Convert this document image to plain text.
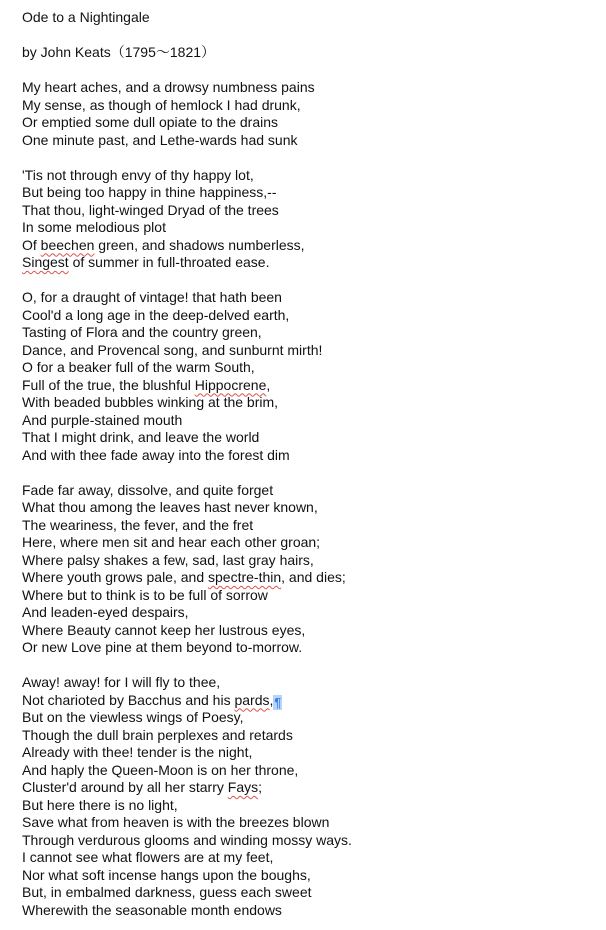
Ode to a Nightingale
by John Keats（1795～1821）
My heart aches, and a drowsy numbness pains
My sense, as though of hemlock I had drunk,
Or emptied some dull opiate to the drains
One minute past, and Lethe-wards had sunk
'Tis not through envy of thy happy lot,
But being too happy in thine happiness,--
That thou, light-winged Dryad of the trees
In some melodious plot
Of beechen green, and shadows numberless,
Singest of summer in full-throated ease.
O, for a draught of vintage! that hath been
Cool'd a long age in the deep-delved earth,
Tasting of Flora and the country green,
Dance, and Provencal song, and sunburnt mirth!
O for a beaker full of the warm South,
Full of the true, the blushful Hippocrene,
With beaded bubbles winking at the brim,
And purple-stained mouth
That I might drink, and leave the world
And with thee fade away into the forest dim
Fade far away, dissolve, and quite forget
What thou among the leaves hast never known,
The weariness, the fever, and the fret
Here, where men sit and hear each other groan;
Where palsy shakes a few, sad, last gray hairs,
Where youth grows pale, and spectre-thin, and dies;
Where but to think is to be full of sorrow
And leaden-eyed despairs,
Where Beauty cannot keep her lustrous eyes,
Or new Love pine at them beyond to-morrow.
Away! away! for I will fly to thee,
Not charioted by Bacchus and his pards,¶
But on the viewless wings of Poesy,
Though the dull brain perplexes and retards
Already with thee! tender is the night,
And haply the Queen-Moon is on her throne,
Cluster'd around by all her starry Fays;
But here there is no light,
Save what from heaven is with the breezes blown
Through verdurous glooms and winding mossy ways.
I cannot see what flowers are at my feet,
Nor what soft incense hangs upon the boughs,
But, in embalmed darkness, guess each sweet
Wherewith the seasonable month endows
